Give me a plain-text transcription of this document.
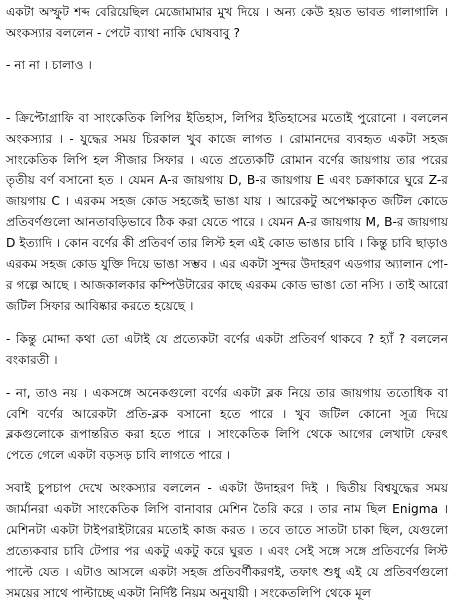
একটা অস্ফুট শব্দ বেরিয়েছিল মেজোমামার মুখ দিয়ে । অন্য কেউ হয়ত ভাবত গালাগালি । অংকস্যার বললেন - পেটে ব্যাথা নাকি ঘোষবাবু ?

- না না । চালাও ।

- ক্রিপ্টোগ্রাফি বা সাংকেতিক লিপির ইতিহাস, লিপির ইতিহাসের মতোই পুরোনো । বললেন অংকস্যার । - যুদ্ধের সময় চিরকাল খুব কাজে লাগত । রোমানদের ব্যবহৃত একটা সহজ সাংকেতিক লিপি হল সীজার সিফার । এতে প্রত্যেকটি রোমান বর্ণের জায়গায় তার পরের তৃতীয় বর্ণ বসানো হত । যেমন A-র জায়গায় D, B-র জায়গায় E এবং চক্রাকারে ঘুরে Z-র জায়গায় C । এরকম সহজ কোড সহজেই ভাঙা যায় । আরেকটু অপেক্ষাকৃত জটিল কোডে প্রতিবর্ণগুলো আনতাবড়িভাবে ঠিক করা যেতে পারে । যেমন A-র জায়গায় M, B-র জায়গায় D ইত্যাদি । কোন বর্ণের কী প্রতিবর্ণ তার লিস্ট হল এই কোড ভাঙার চাবি । কিন্তু চাবি ছাড়াও এরকম সহজ কোড যুক্তি দিয়ে ভাঙা সম্ভব । এর একটা সুন্দর উদাহরণ এডগার অ্যালান পো-র গল্পে আছে । আজকালকার কম্পিউটারের কাছে এরকম কোড ভাঙা তো নস্যি । তাই আরো জটিল সিফার আবিষ্কার করতে হয়েছে ।

- কিন্তু মোদ্দা কথা তো এটাই যে প্রত্যেকটা বর্ণের একটা প্রতিবর্ণ থাকবে ? হ্যাঁ ? বললেন বংকারতী ।

- না, তাও নয় । একসঙ্গে অনেকগুলো বর্ণের একটা ব্লক নিয়ে তার জায়গায় ততোধিক বা বেশি বর্ণের আরেকটা প্রতি-ব্লক বসানো হতে পারে । খুব জটিল কোনো সূত্র দিয়ে ব্লকগুলোকে রূপান্তরিত করা হতে পারে । সাংকেতিক লিপি থেকে আগের লেখাটা ফেরৎ পেতে গেলে একটা বড়সড় চাবি লাগতে পারে ।

সবাই চুপচাপ দেখে অংকস্যার বললেন - একটা উদাহরণ দিই । দ্বিতীয় বিশ্বযুদ্ধের সময় জার্মানরা একটা সাংকেতিক লিপি বানাবার মেশিন তৈরি করে । তার নাম ছিল Enigma । মেশিনটা একটা টাইপরাইটারের মতোই কাজ করত । তবে তাতে সাতটা চাকা ছিল, যেগুলো প্রত্যেকবার চাবি টেপার পর একটু একটু করে ঘুরত । এবং সেই সঙ্গে সঙ্গে প্রতিবর্ণের লিস্ট পাল্টে যেত । এটাও আসলে একটা সহজ প্রতিবর্ণীকরণই, তফাৎ শুধু এই যে প্রতিবর্ণগুলো সময়ের সাথে পাল্টাচ্ছে একটা নির্দিষ্ট নিয়ম অনুযায়ী । সংকেতলিপি থেকে মূল
